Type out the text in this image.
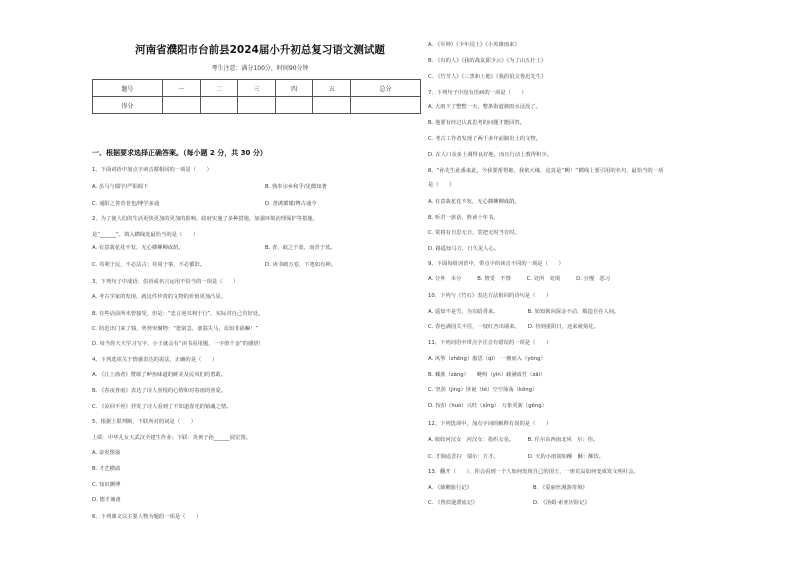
河南省濮阳市台前县2024届小升初总复习语文测试题
考生注意：满分100分，时间90分钟
题号	一	二	三	四	五	总分
得分						
一、根据要求选择正确答案。（每小题 2 分，共 30 分）
1、下面词语中加点字读音都相同的一项是（　　）
A. 虽马与偶学/严阳阁下
C. 通阳之善奇者也/博学多通
2、为了使人们的生活更快更加的更加的影响，政府实施了多种措施，加强环境治理保护等措施，
是“______”。填入横线处最恰当的是（　　）
A. 有意栽花花不发，无心插柳柳成荫。
C. 苟利于民，不必法古；苟周于事，不必循旧。
3、下列句子中成语、俗语或名言运用不恰当的一项是（　　）
A. 考古学家的发现，就这件珍贵的文物的价值更加凸显。
B. 有些话前所未曾接受，但是：“忠言逆耳利于行”，实际对自己有好处。
C. 防范出门来了钱，势势突聚物：“您别急，塞翁失马，焉知非福嘛！”
D. 每当你天天学习写字，小王就会有“读书看用题，一字值千金”的感悟！
4、下列选项关于情感表达的说法，正确的是（　　）
A. 《江上渔者》赞颂了鲈鱼味道的鲜美及民风们的勇敢。
B. 《春夜喜雨》表达了诗人喜悦的心情和对春雨的喜爱。
C. 《凉回不停》抒发了诗人看到了不知道春光的销魂之情。
5、根据上联判断，下联所对的词是（　　）
上联：中华儿女大武汉全建生作业；下联：炎黄子孙______展宏图。
A. 奋发图强
B. 才艺横溢
C. 知识渊博
D. 德才兼备
6、下列课文以主要人物为题的一项是（　　）
D. 善诱循循/博古通今
A. 《军神》《少年闰土》《小英雄雨来》
B. 《有的人》《我的战友邱少云》《为了山五壮士》
C. 《竹节人》《三黑和土地》《我的伯父鲁迅先生》
7、下列句子中没有语病的一项是（　　）
A. 大雨下了整整一天，整条街道被雨水浸没了。
B. 他要有经过认真思考的问题才能回答。
C. 考古工作者发现了两千多年前制出土的文物。
D. 在人口众多上调得良好地，而且行动上教得积少。
8、“孙先生此番来此，今我要帮帮她，我依大缘，这真是‘‘啊！’’横线上要引用的名句，最恰当的一项
是（　　）
A. 有意栽花花不发，无心插柳柳成荫。
B. 听君一席话，胜读十年书。
C. 常将有日思无日，莫把无时当有时。
D. 路遥知马力，日久见人心。
9、下面每组词语中，带点字的读音不同的一项是（　　）
A. 分外　本分　　　B. 禁受　不禁　　　C. 处所　处境　　　D. 且慢　恶习
10、下列与《竹石》表达方法相同的诗句是（　　）
A. 遥知不是雪，为有暗香来。　　　　　　B. 始知锁向深金不动，煅造自在人间。
C. 春色满园关不住，一枝红杏出墙来。　　D. 待到重阳日，还来就菊花。
11、下列词语中带点字注音有错误的一项是（　　）
A. 风筝（zhēng）脂思（qī）　一拥而入（yōng）
B. 藏族（zàng）　　鲢鲟（yīn）载满成竹（zāi）
C. 坚劲（jìng）匪诞（tè）空空荡荡（kōng）
D. 按扣（huò）兴旺（xīng）　万象更新（gēng）
12、下列选项中，加点字词的解释有误的是（　　）
A. 皎皎河汉女　河汉女：指织女星。　　　B. 任尔东西南北风　尔：你。
C. 才饷适晋扫　瑞尔：方才。　　　　　　D. 天的小雨润如酥　酥：酥饮。
13、翻开（　　），你会看到一个人如何发现自己的国王，一座荒岛如何变成发文明社会。
A. 《骑鹅旅行记》　　　　　　　　　　　　B. 《爱丽丝漫游奇境》
C. 《鲁滨逊漂流记》　　　　　　　　　　　D. 《汤姆·索亚历险记》
B. 熟奉尔乡和乎/见微知著
B. 青，取之于蓝，而青于蓝。
D. 读书破万卷，下笔如有神。
